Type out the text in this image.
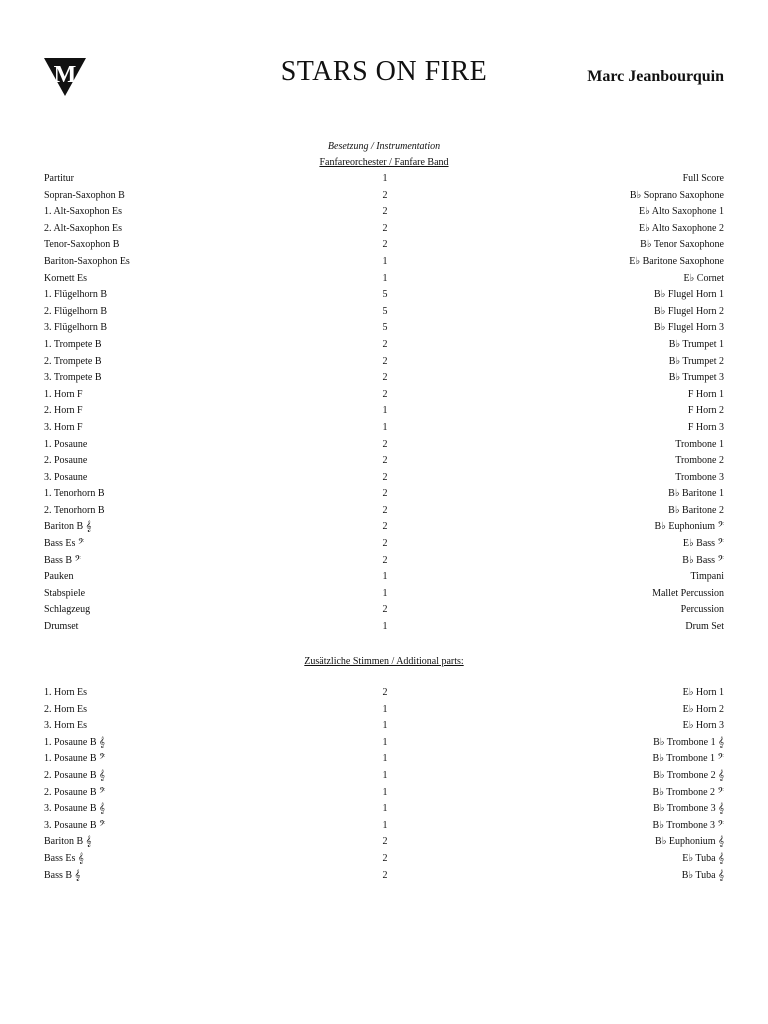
M	STARS ON FIRE	Marc Jeanbourquin
Besetzung / Instrumentation
Fanfareorchester / Fanfare Band
Partitur	1	Full Score
Sopran-Saxophon B	2	B♭ Soprano Saxophone
1. Alt-Saxophon Es	2	E♭ Alto Saxophone 1
2. Alt-Saxophon Es	2	E♭ Alto Saxophone 2
Tenor-Saxophon B	2	B♭ Tenor Saxophone
Bariton-Saxophon Es	1	E♭ Baritone Saxophone
Kornett Es	1	E♭ Cornet
1. Flügelhorn B	5	B♭ Flugel Horn 1
2. Flügelhorn B	5	B♭ Flugel Horn 2
3. Flügelhorn B	5	B♭ Flugel Horn 3
1. Trompete B	2	B♭ Trumpet 1
2. Trompete B	2	B♭ Trumpet 2
3. Trompete B	2	B♭ Trumpet 3
1. Horn F	2	F Horn 1
2. Horn F	1	F Horn 2
3. Horn F	1	F Horn 3
1. Posaune	2	Trombone 1
2. Posaune	2	Trombone 2
3. Posaune	2	Trombone 3
1. Tenorhorn B	2	B♭ Baritone 1
2. Tenorhorn B	2	B♭ Baritone 2
Bariton B 𝄞	2	B♭ Euphonium 𝄢
Bass Es 𝄢	2	E♭ Bass 𝄢
Bass B 𝄢	2	B♭ Bass 𝄢
Pauken	1	Timpani
Stabspiele	1	Mallet Percussion
Schlagzeug	2	Percussion
Drumset	1	Drum Set
Zusätzliche Stimmen / Additional parts:
1. Horn Es	2	E♭ Horn 1
2. Horn Es	1	E♭ Horn 2
3. Horn Es	1	E♭ Horn 3
1. Posaune B 𝄞	1	B♭ Trombone 1 𝄞
1. Posaune B 𝄢	1	B♭ Trombone 1 𝄢
2. Posaune B 𝄞	1	B♭ Trombone 2 𝄞
2. Posaune B 𝄢	1	B♭ Trombone 2 𝄢
3. Posaune B 𝄞	1	B♭ Trombone 3 𝄞
3. Posaune B 𝄢	1	B♭ Trombone 3 𝄢
Bariton B 𝄞	2	B♭ Euphonium 𝄞
Bass Es 𝄞	2	E♭ Tuba 𝄞
Bass B 𝄞	2	B♭ Tuba 𝄞
